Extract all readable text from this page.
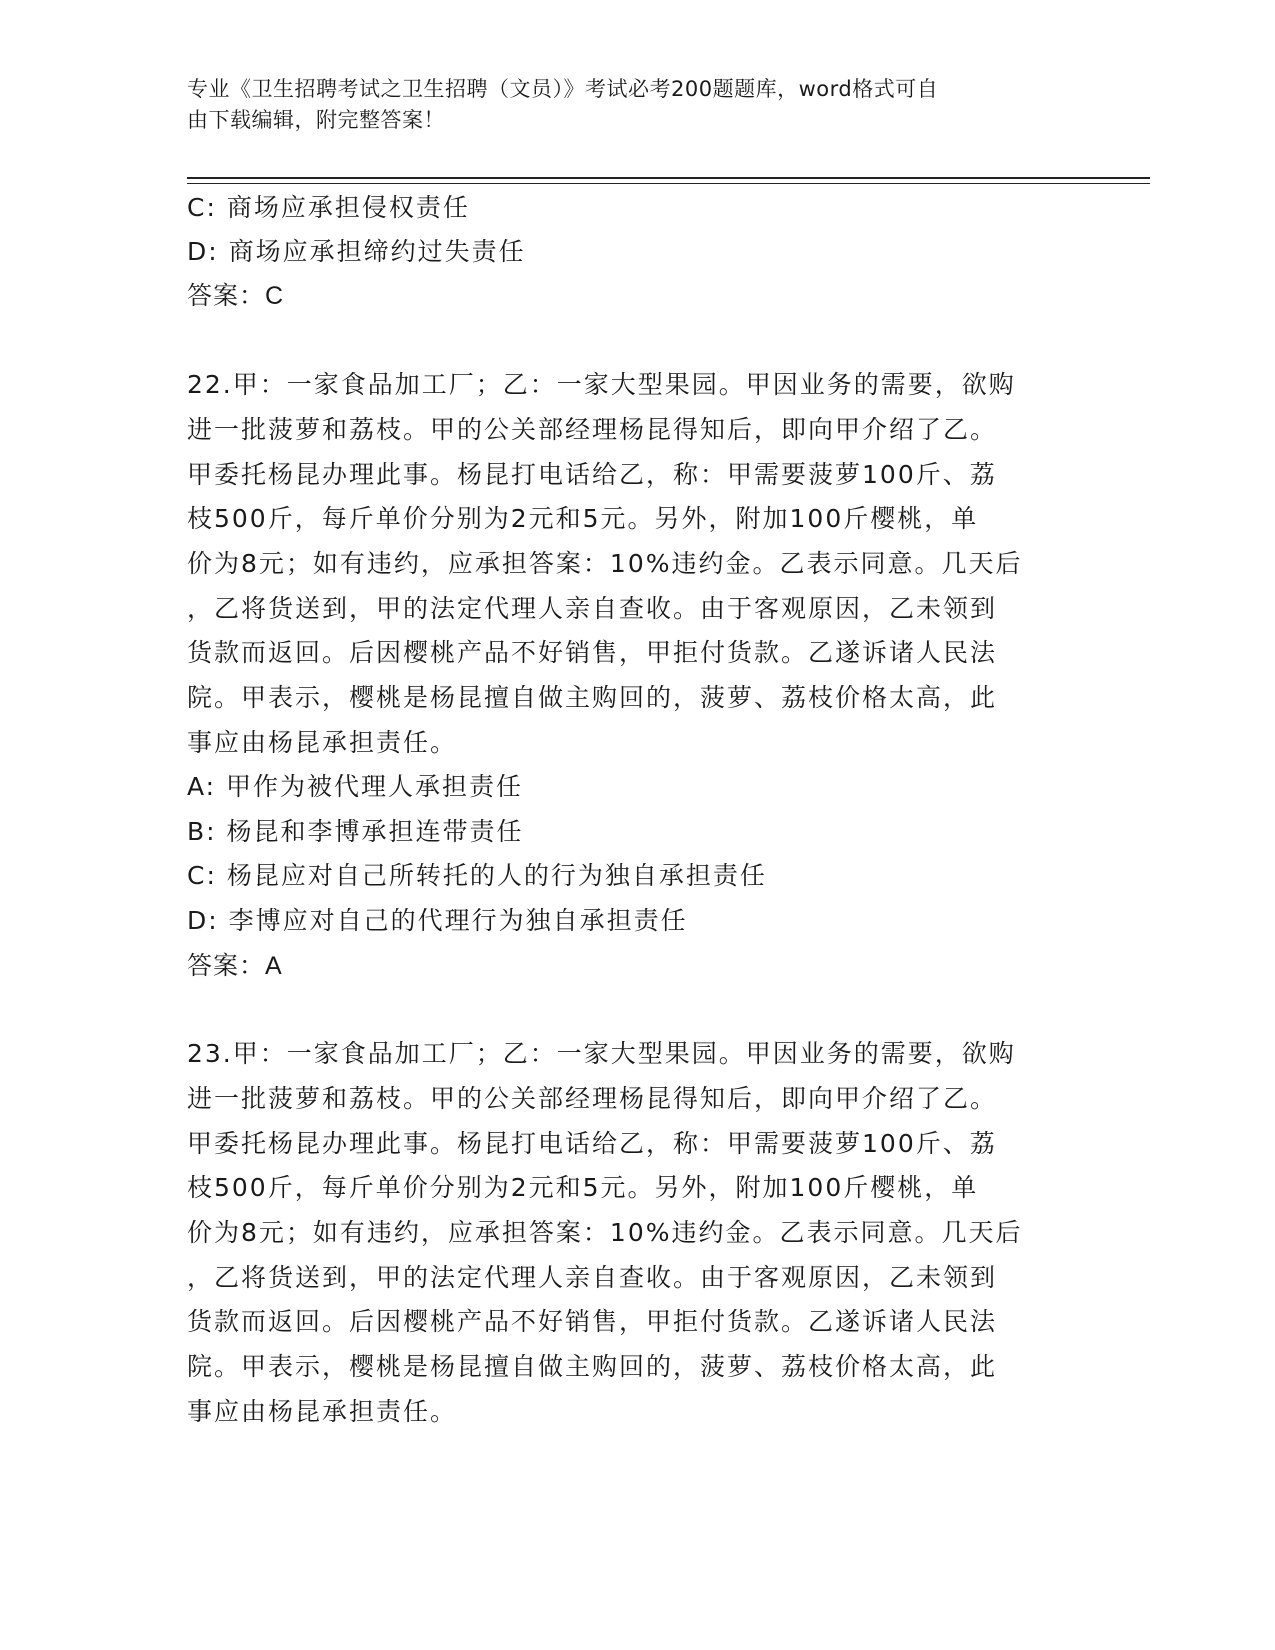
专业《卫生招聘考试之卫生招聘（文员）》考试必考200题题库，word格式可自
由下载编辑，附完整答案！
C: 商场应承担侵权责任
D: 商场应承担缔约过失责任
答案：C
22.甲：一家食品加工厂；乙：一家大型果园。甲因业务的需要，欲购
进一批菠萝和荔枝。甲的公关部经理杨昆得知后，即向甲介绍了乙。
甲委托杨昆办理此事。杨昆打电话给乙，称：甲需要菠萝100斤、荔
枝500斤，每斤单价分别为2元和5元。另外，附加100斤樱桃，单
价为8元；如有违约，应承担答案：10%违约金。乙表示同意。几天后
，乙将货送到，甲的法定代理人亲自查收。由于客观原因，乙未领到
货款而返回。后因樱桃产品不好销售，甲拒付货款。乙遂诉诸人民法
院。甲表示，樱桃是杨昆擅自做主购回的，菠萝、荔枝价格太高，此
事应由杨昆承担责任。
A: 甲作为被代理人承担责任
B: 杨昆和李博承担连带责任
C: 杨昆应对自己所转托的人的行为独自承担责任
D: 李博应对自己的代理行为独自承担责任
答案：A
23.甲：一家食品加工厂；乙：一家大型果园。甲因业务的需要，欲购
进一批菠萝和荔枝。甲的公关部经理杨昆得知后，即向甲介绍了乙。
甲委托杨昆办理此事。杨昆打电话给乙，称：甲需要菠萝100斤、荔
枝500斤，每斤单价分别为2元和5元。另外，附加100斤樱桃，单
价为8元；如有违约，应承担答案：10%违约金。乙表示同意。几天后
，乙将货送到，甲的法定代理人亲自查收。由于客观原因，乙未领到
货款而返回。后因樱桃产品不好销售，甲拒付货款。乙遂诉诸人民法
院。甲表示，樱桃是杨昆擅自做主购回的，菠萝、荔枝价格太高，此
事应由杨昆承担责任。
